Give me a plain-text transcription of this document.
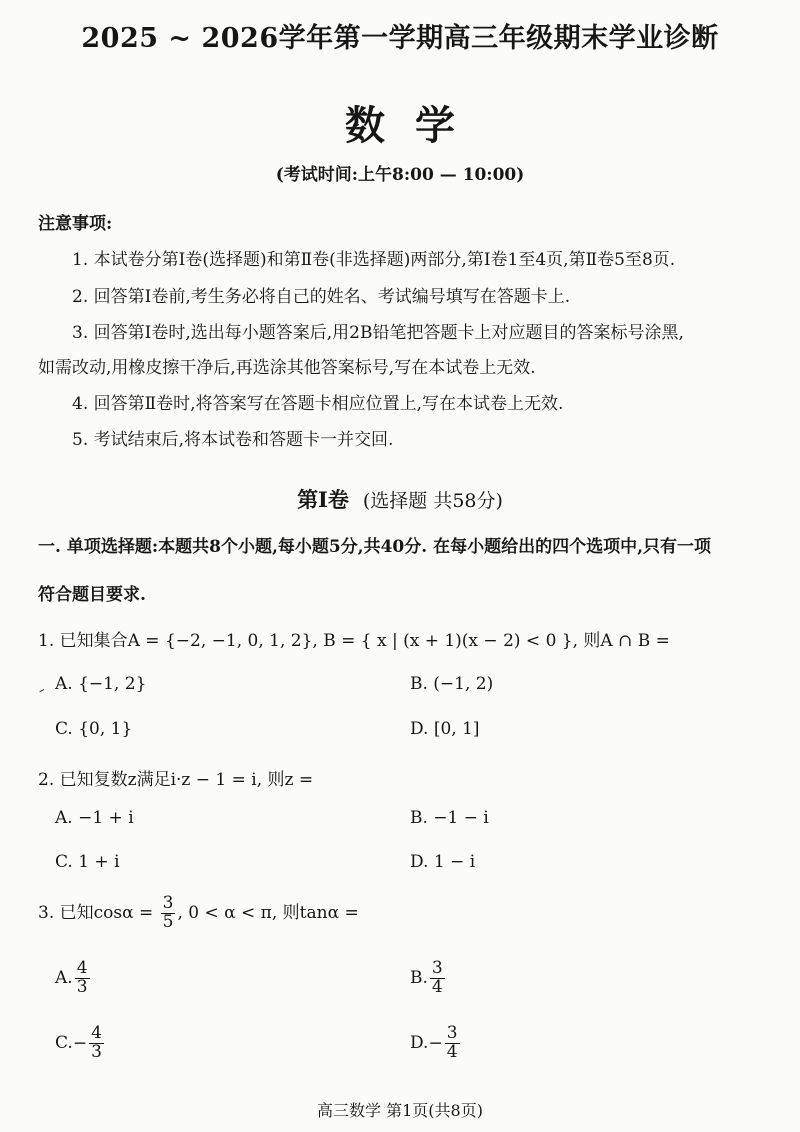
2025 ~ 2026学年第一学期高三年级期末学业诊断
数学
(考试时间:上午8:00 — 10:00)
注意事项:
1. 本试卷分第Ⅰ卷(选择题)和第Ⅱ卷(非选择题)两部分,第Ⅰ卷1至4页,第Ⅱ卷5至8页.
2. 回答第Ⅰ卷前,考生务必将自己的姓名、考试编号填写在答题卡上.
3. 回答第Ⅰ卷时,选出每小题答案后,用2B铅笔把答题卡上对应题目的答案标号涂黑,
如需改动,用橡皮擦干净后,再选涂其他答案标号,写在本试卷上无效.
4. 回答第Ⅱ卷时,将答案写在答题卡相应位置上,写在本试卷上无效.
5. 考试结束后,将本试卷和答题卡一并交回.
第Ⅰ卷 (选择题 共58分)
一. 单项选择题:本题共8个小题,每小题5分,共40分. 在每小题给出的四个选项中,只有一项
符合题目要求.
1. 已知集合A = {−2, −1, 0, 1, 2}, B = { x | (x + 1)(x − 2) < 0 }, 则A ∩ B =
A. {−1, 2}	B. (−1, 2)
C. {0, 1}	D. [0, 1]
2. 已知复数z满足i·z − 1 = i, 则z =
A. −1 + i	B. −1 − i
C. 1 + i	D. 1 − i
3. 已知$\cos\alpha = \frac{3}{5}$ , 0 < α < π, 则tanα =
A. $\frac{4}{3}$	B. $\frac{3}{4}$
$C.- \frac{4}{3}$	$D.- \frac{3}{4}$
高三数学 第1页(共8页)
